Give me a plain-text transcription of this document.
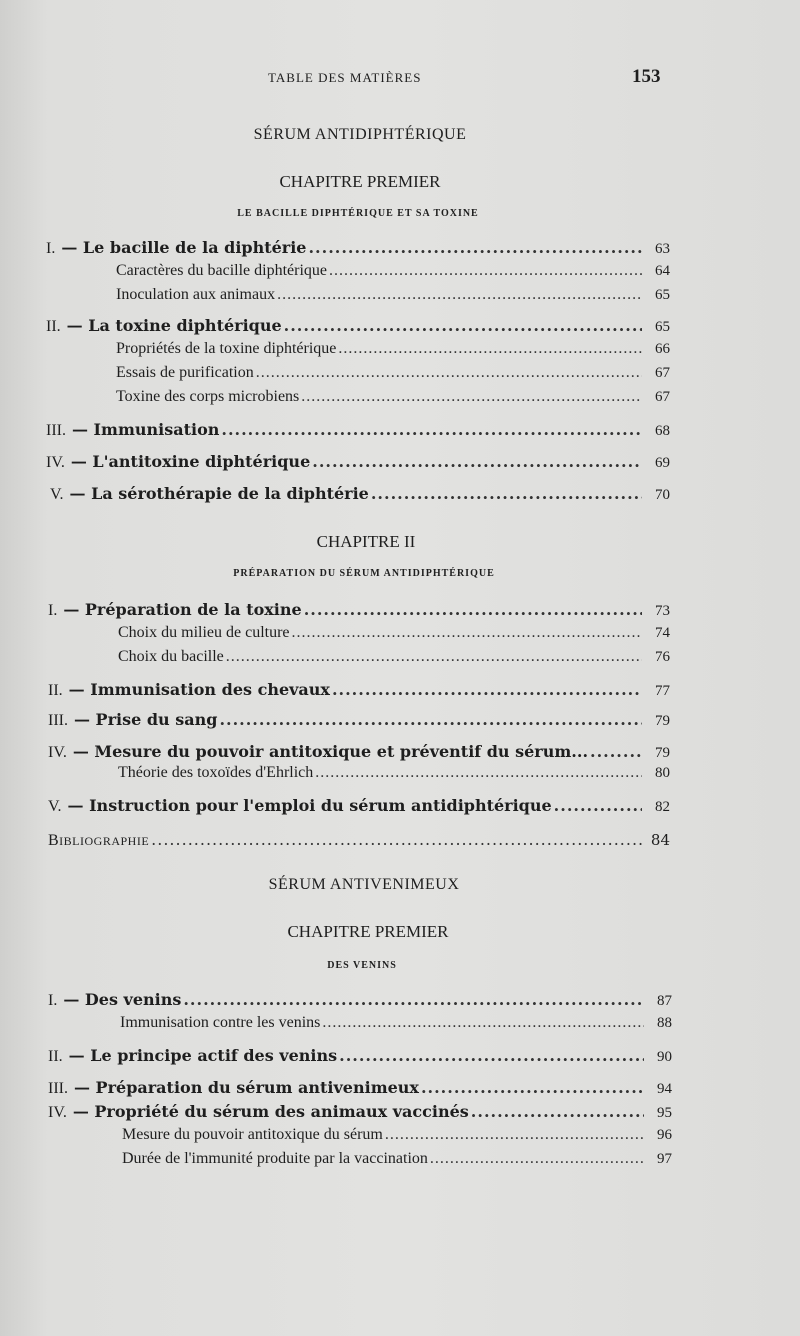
TABLE DES MATIÈRES	153
SÉRUM ANTIDIPHTÉRIQUE
CHAPITRE PREMIER
LE BACILLE DIPHTÉRIQUE ET SA TOXINE
I. — Le bacille de la diphtérie .....	63
Caractères du bacille diphtérique .....	64
Inoculation aux animaux .....	65
II. — La toxine diphtérique .....	65
Propriétés de la toxine diphtérique .....	66
Essais de purification .....	67
Toxine des corps microbiens .....	67
III. — Immunisation .....	68
IV. — L'antitoxine diphtérique .....	69
V. — La sérothérapie de la diphtérie .....	70
CHAPITRE II
PRÉPARATION DU SÉRUM ANTIDIPHTÉRIQUE
I. — Préparation de la toxine .....	73
Choix du milieu de culture .....	74
Choix du bacille .....	76
II. — Immunisation des chevaux .....	77
III. — Prise du sang .....	79
IV. — Mesure du pouvoir antitoxique et préventif du sérum... .....	79
Théorie des toxoïdes d'Ehrlich .....	80
V. — Instruction pour l'emploi du sérum antidiphtérique .....	82
BIBLIOGRAPHIE .....	84
SÉRUM ANTIVENIMEUX
CHAPITRE PREMIER
DES VENINS
I. — Des venins .....	87
Immunisation contre les venins .....	88
II. — Le principe actif des venins .....	90
III. — Préparation du sérum antivenimeux .....	94
IV. — Propriété du sérum des animaux vaccinés .....	95
Mesure du pouvoir antitoxique du sérum .....	96
Durée de l'immunité produite par la vaccination .....	97
